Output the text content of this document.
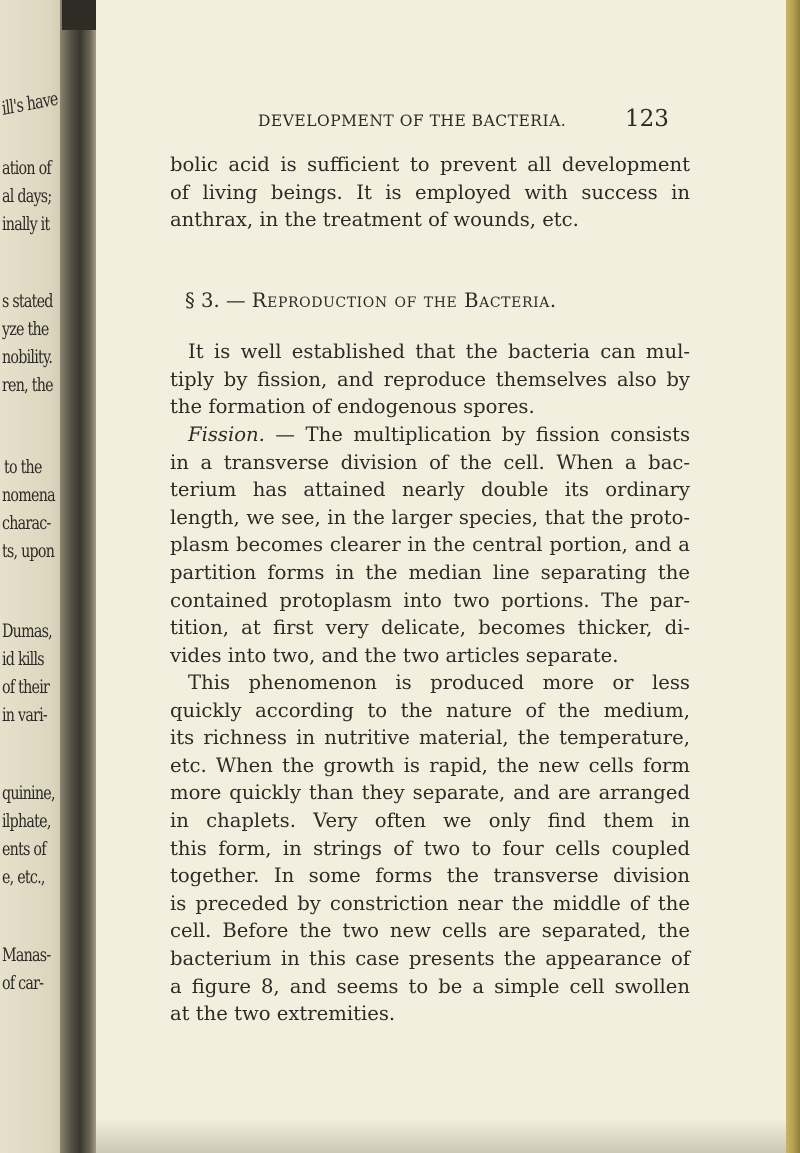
ill's have
ation of
al days;
inally it
s stated
yze the
nobility.
ren, the
to the
nomena
charac-
ts, upon
Dumas,
id kills
of their
in vari-
quinine,
ilphate,
ents of
e, etc.,
Manas-
of car-
DEVELOPMENT OF THE BACTERIA.	123
bolic acid is sufficient to prevent all development
of living beings. It is employed with success in
anthrax, in the treatment of wounds, etc.
§ 3. — Reproduction of the Bacteria.
It is well established that the bacteria can mul-
tiply by fission, and reproduce themselves also by
the formation of endogenous spores.
Fission. — The multiplication by fission consists
in a transverse division of the cell. When a bac-
terium has attained nearly double its ordinary
length, we see, in the larger species, that the proto-
plasm becomes clearer in the central portion, and a
partition forms in the median line separating the
contained protoplasm into two portions. The par-
tition, at first very delicate, becomes thicker, di-
vides into two, and the two articles separate.
This phenomenon is produced more or less
quickly according to the nature of the medium,
its richness in nutritive material, the temperature,
etc. When the growth is rapid, the new cells form
more quickly than they separate, and are arranged
in chaplets. Very often we only find them in
this form, in strings of two to four cells coupled
together. In some forms the transverse division
is preceded by constriction near the middle of the
cell. Before the two new cells are separated, the
bacterium in this case presents the appearance of
a figure 8, and seems to be a simple cell swollen
at the two extremities.
